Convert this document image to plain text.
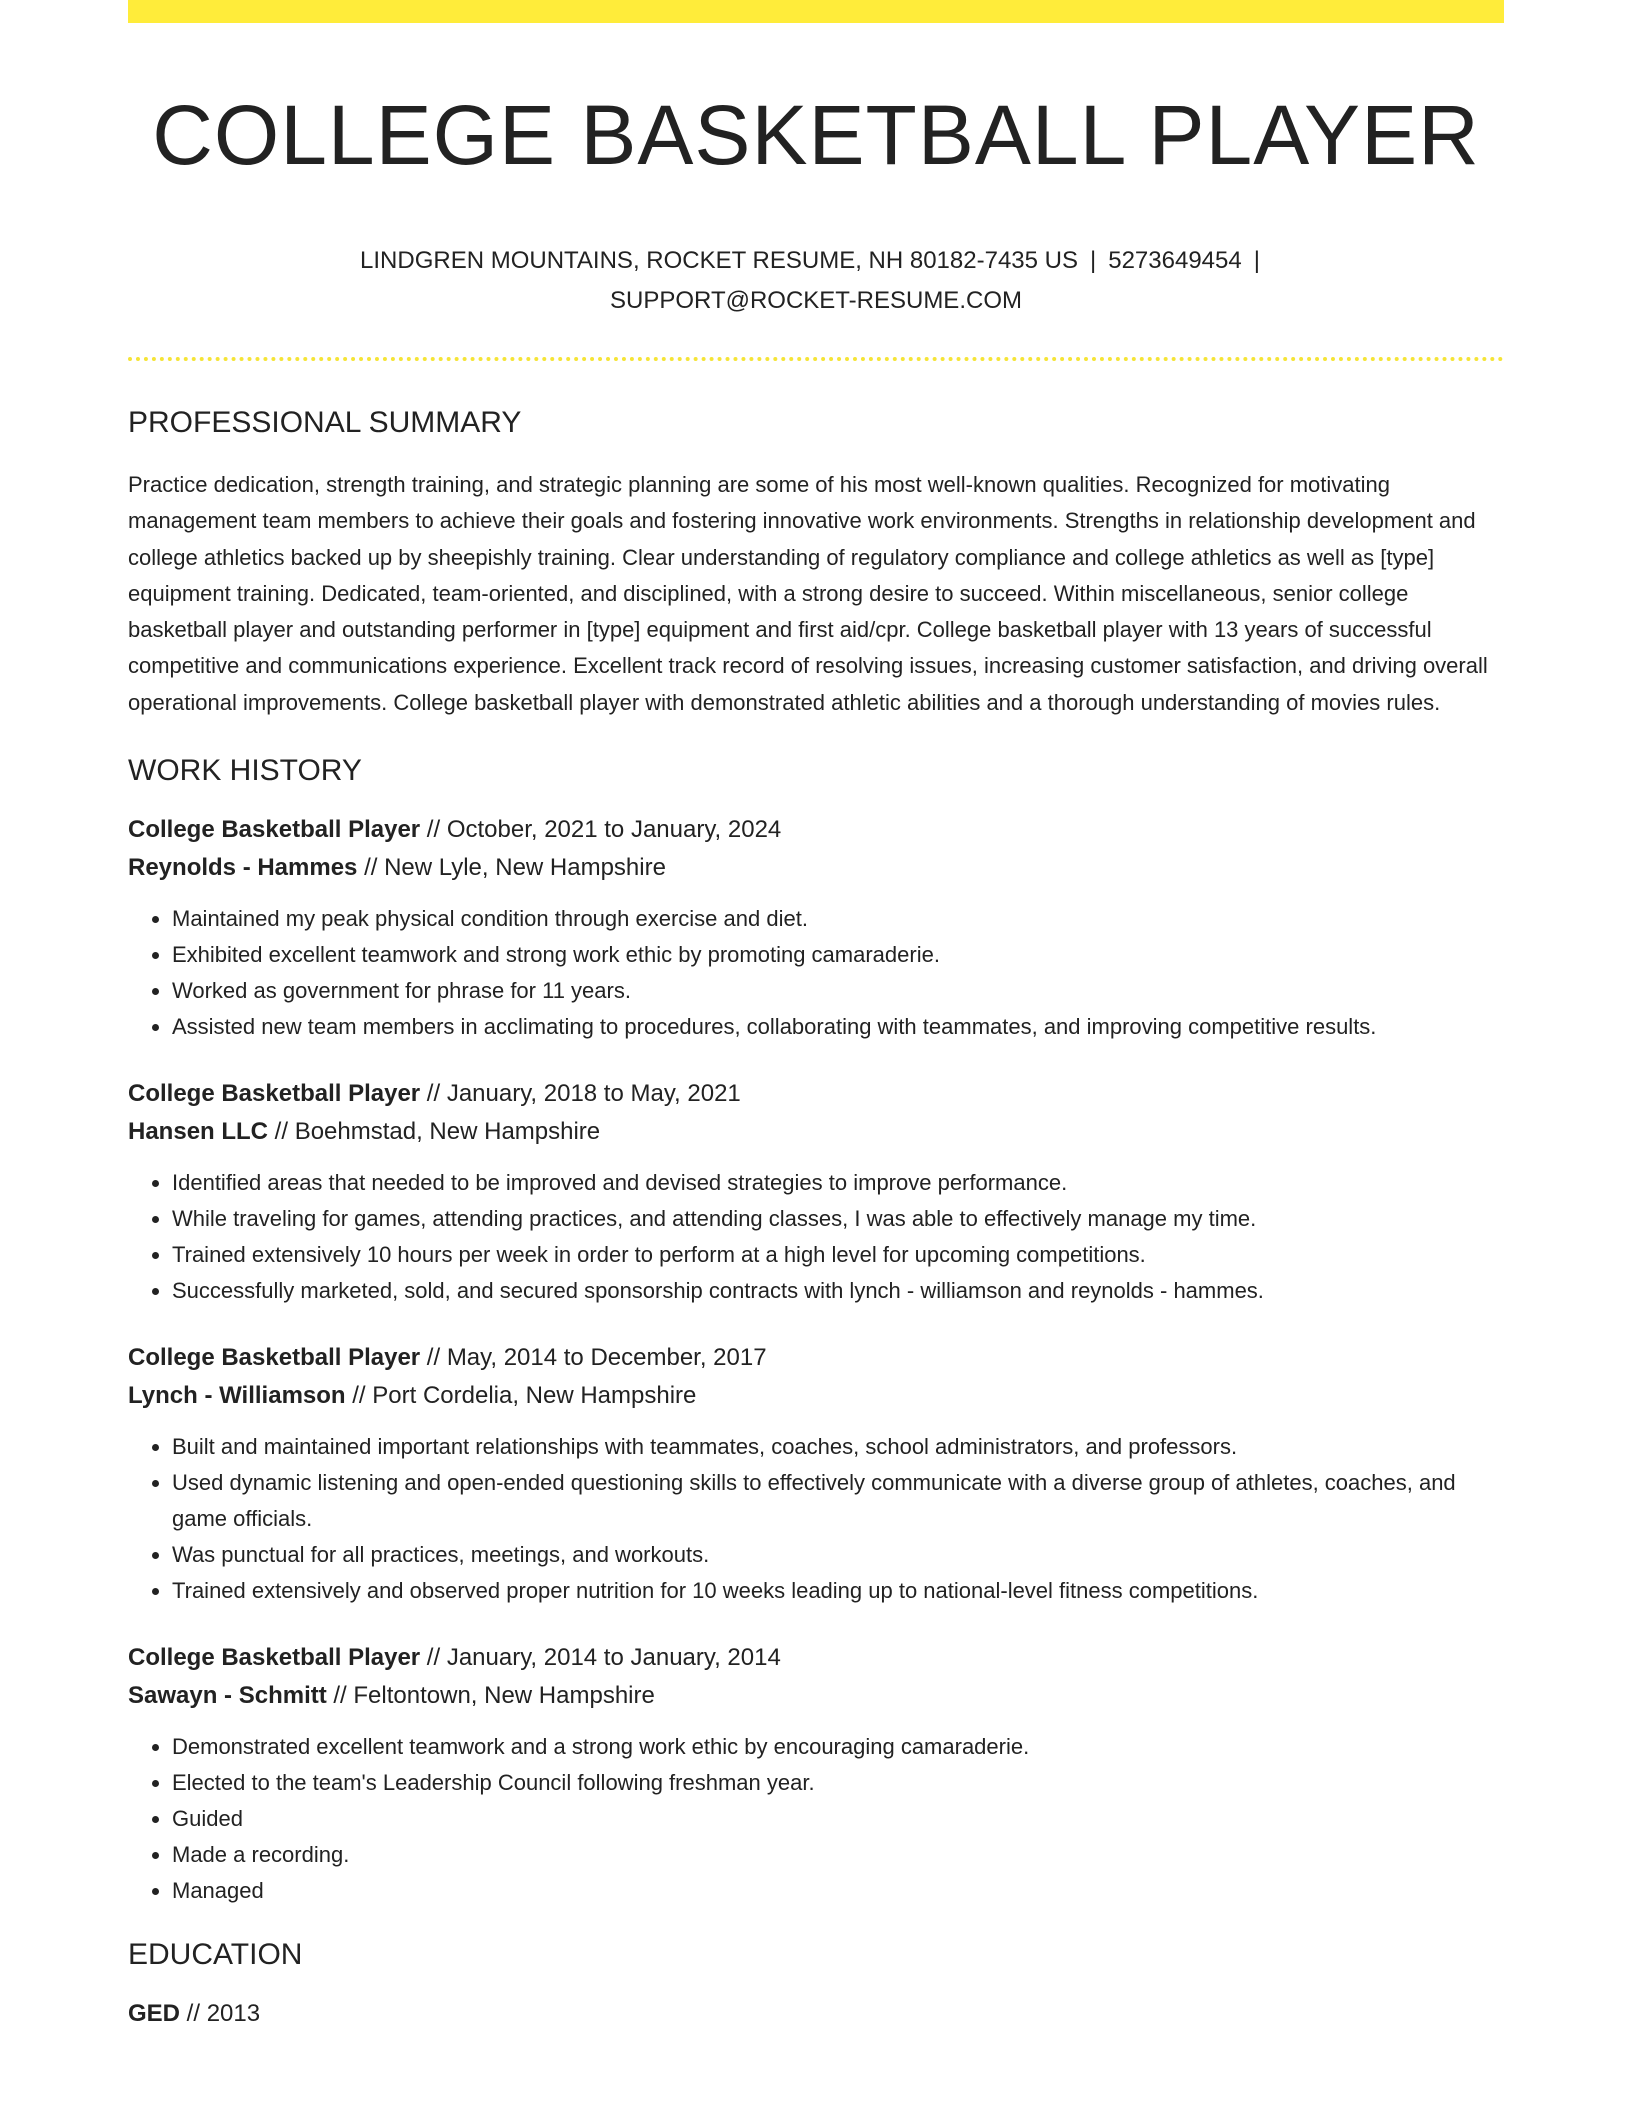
COLLEGE BASKETBALL PLAYER
LINDGREN MOUNTAINS, ROCKET RESUME, NH 80182-7435 US | 5273649454 |
SUPPORT@ROCKET-RESUME.COM
PROFESSIONAL SUMMARY

Practice dedication, strength training, and strategic planning are some of his most well-known qualities. Recognized for motivating management team members to achieve their goals and fostering innovative work environments. Strengths in relationship development and college athletics backed up by sheepishly training. Clear understanding of regulatory compliance and college athletics as well as [type] equipment training. Dedicated, team-oriented, and disciplined, with a strong desire to succeed. Within miscellaneous, senior college basketball player and outstanding performer in [type] equipment and first aid/cpr. College basketball player with 13 years of successful competitive and communications experience. Excellent track record of resolving issues, increasing customer satisfaction, and driving overall operational improvements. College basketball player with demonstrated athletic abilities and a thorough understanding of movies rules.

WORK HISTORY
College Basketball Player // October, 2021 to January, 2024
Reynolds - Hammes // New Lyle, New Hampshire
• Maintained my peak physical condition through exercise and diet.
• Exhibited excellent teamwork and strong work ethic by promoting camaraderie.
• Worked as government for phrase for 11 years.
• Assisted new team members in acclimating to procedures, collaborating with teammates, and improving competitive results.
College Basketball Player // January, 2018 to May, 2021
Hansen LLC // Boehmstad, New Hampshire
• Identified areas that needed to be improved and devised strategies to improve performance.
• While traveling for games, attending practices, and attending classes, I was able to effectively manage my time.
• Trained extensively 10 hours per week in order to perform at a high level for upcoming competitions.
• Successfully marketed, sold, and secured sponsorship contracts with lynch - williamson and reynolds - hammes.
College Basketball Player // May, 2014 to December, 2017
Lynch - Williamson // Port Cordelia, New Hampshire
• Built and maintained important relationships with teammates, coaches, school administrators, and professors.
• Used dynamic listening and open-ended questioning skills to effectively communicate with a diverse group of athletes, coaches, and game officials.
• Was punctual for all practices, meetings, and workouts.
• Trained extensively and observed proper nutrition for 10 weeks leading up to national-level fitness competitions.
College Basketball Player // January, 2014 to January, 2014
Sawayn - Schmitt // Feltontown, New Hampshire
• Demonstrated excellent teamwork and a strong work ethic by encouraging camaraderie.
• Elected to the team's Leadership Council following freshman year.
• Guided
• Made a recording.
• Managed
EDUCATION
GED // 2013
